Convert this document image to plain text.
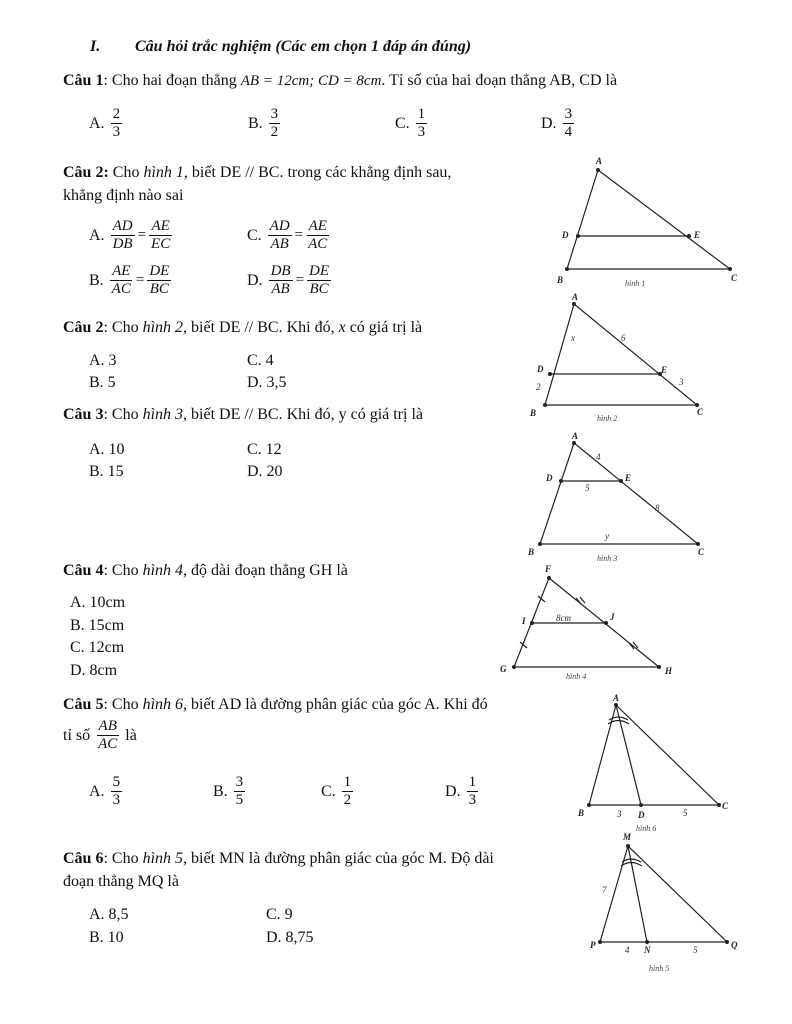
I. Câu hỏi trắc nghiệm (Các em chọn 1 đáp án đúng)
Câu 1: Cho hai đoạn thẳng AB = 12cm; CD = 8cm. Tỉ số của hai đoạn thẳng AB, CD là
A. $\frac{2}{3}$	B. $\frac{3}{2}$	C. $\frac{1}{3}$	D. $\frac{3}{4}$
Câu 2: Cho hình 1, biết DE // BC. trong các khẳng định sau,
khẳng định nào sai
A. $\frac{AD}{DB} = \frac{AE}{EC}$	C. $\frac{AD}{AB} = \frac{AE}{AC}$
B. $\frac{AE}{AC} = \frac{DE}{BC}$	D. $\frac{DB}{AB} = \frac{DE}{BC}$
Câu 2: Cho hình 2, biết DE // BC. Khi đó, x có giá trị là
A. 3	C. 4
B. 5	D. 3,5
Câu 3: Cho hình 3, biết DE // BC. Khi đó, y có giá trị là
A. 10	C. 12
B. 15	D. 20
Câu 4: Cho hình 4, độ dài đoạn thẳng GH là
A. 10cm
B. 15cm
C. 12cm
D. 8cm
Câu 5: Cho hình 6, biết AD là đường phân giác của góc A. Khi đó
tỉ số $\frac{AB}{AC}$ là
A. $\frac{5}{3}$	B. $\frac{3}{5}$	C. $\frac{1}{2}$	D. $\frac{1}{3}$
Câu 6: Cho hình 5, biết MN là đường phân giác của góc M. Độ dài
đoạn thẳng MQ là
A. 8,5	C. 9
B. 10	D. 8,75
A
D	E
B	C
A
D	E
B	C
A
D	E
B	C
F
I	J
G	H
A
B	D
C
M
P	N	Q
x	6
2	3
4
5
8
y
8cm
3	5
7
4	5
hình 1
hình 2
hình 3
hình 4
hình 6
hình 5
